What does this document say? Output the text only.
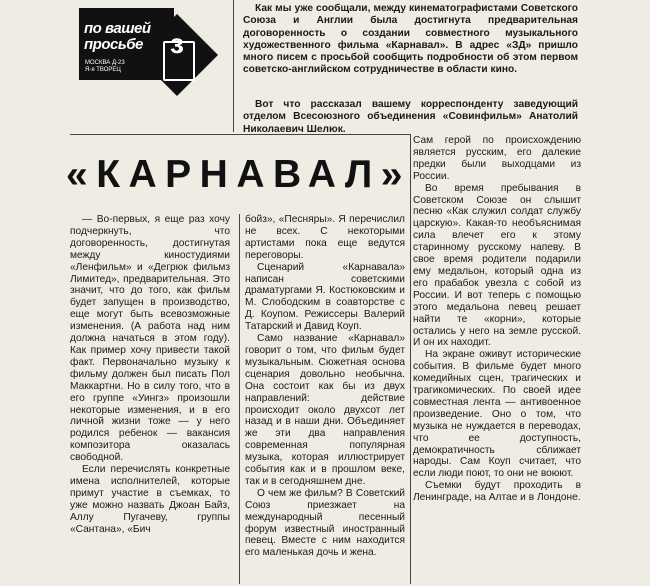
по вашей
просьбе
МОСКВА Д-23
Я-я ТВОРЕЦ
з

Как мы уже сообщали, между кинематографистами Советского Союза и Англии была достигнута предварительная договоренность о создании совместного музыкального художественного фильма «Карнавал». В адрес «ЗД» пришло много писем с просьбой сообщить подробности об этом первом советско-английском сотрудничестве в области кино.

Вот что рассказал вашему корреспонденту заведующий отделом Всесоюзного объединения «Совинфильм» Анатолий Николаевич Шелюк.

«КАРНАВАЛ»

— Во-первых, я еще раз хочу подчеркнуть, что договоренность, достигнутая между киностудиями «Ленфильм» и «Дегрюк фильмз Лимитед», предварительная. Это значит, что до того, как фильм будет запущен в производство, еще могут быть всевозможные изменения. (А работа над ним должна начаться в этом году). Как пример хочу привести такой факт. Первоначально музыку к фильму должен был писать Пол Маккартни. Но в силу того, что в его группе «Уингз» произошли некоторые изменения, и в его личной жизни тоже — у него родился ребенок — вакансия композитора оказалась свободной.

Если перечислять конкретные имена исполнителей, которые примут участие в съемках, то уже можно назвать Джоан Байз, Аллу Пугачеву, группы «Сантана», «Бич

бойз», «Песняры». Я перечислил не всех. С некоторыми артистами пока еще ведутся переговоры.

Сценарий «Карнавала» написан советскими драматургами Я. Костюковским и М. Слободским в соавторстве с Д. Коупом. Режиссеры Валерий Татарский и Давид Коуп.

Само название «Карнавал» говорит о том, что фильм будет музыкальным. Сюжетная основа сценария довольно необычна. Она состоит как бы из двух направлений: действие происходит около двухсот лет назад и в наши дни. Объединяет же эти два направления современная популярная музыка, которая иллюстрирует события как и в прошлом веке, так и в сегодняшнем дне.

О чем же фильм? В Советский Союз приезжает на международный песенный форум известный иностранный певец. Вместе с ним находится его маленькая дочь и жена.

Сам герой по происхождению является русским, его далекие предки были выходцами из России.

Во время пребывания в Советском Союзе он слышит песню «Как служил солдат службу царскую». Какая-то необъяснимая сила влечет его к этому старинному русскому напеву. В свое время родители подарили ему медальон, который одна из его прабабок увезла с собой из России. И вот теперь с помощью этого медальона певец решает найти те «корни», которые остались у него на земле русской. И он их находит.

На экране оживут исторические события. В фильме будет много комедийных сцен, трагических и трагикомических. По своей идее совместная лента — антивоенное произведение. Оно о том, что музыка не нуждается в переводах, что ее доступность, демократичность сближает народы. Сам Коуп считает, что если люди поют, то они не воюют.

Съемки будут проходить в Ленинграде, на Алтае и в Лондоне.
